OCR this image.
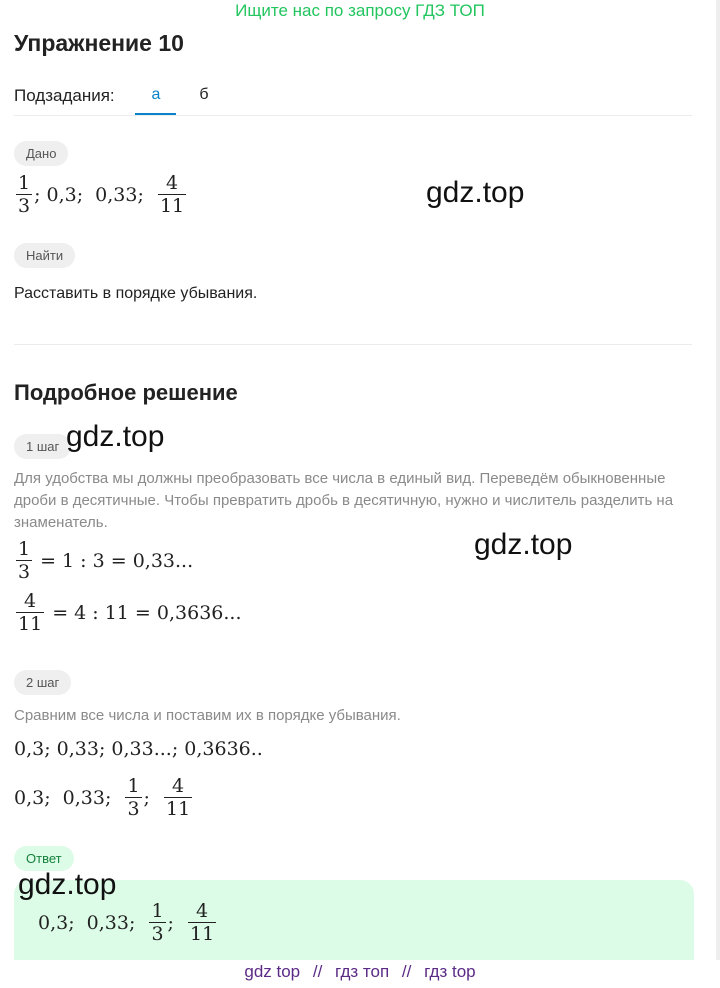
Ищите нас по запросу ГДЗ ТОП
Упражнение 10
Подзадания:	а	б
Дано
$\frac{1}{3}$ ; 0,3 ; 0,33 ; $\frac{4}{11}$	gdz.top
Найти
Расставить в порядке убывания.
Подробное решение
1 шаг gdz.top
Для удобства мы должны преобразовать все числа в единый вид. Переведём обыкновенные дроби в десятичные. Чтобы превратить дробь в десятичную, нужно и числитель разделить на знаменатель.
$\frac{1}{3} = 1$ : 3 = 0,33...	gdz.top
$\frac{4}{11} = 4$ : 11 = 0,3636...
2 шаг
Сравним все числа и поставим их в порядке убывания.
0,3; 0,33; 0,33...; 0,3636..
0,3 ; 0,33 ; $\frac{1}{3}$ ; $\frac{4}{11}$
Ответ
gdz.top
0,3 ; 0,33 ; $\frac{1}{3}$ ; $\frac{4}{11}$
gdz top // гдз топ // гдз top
